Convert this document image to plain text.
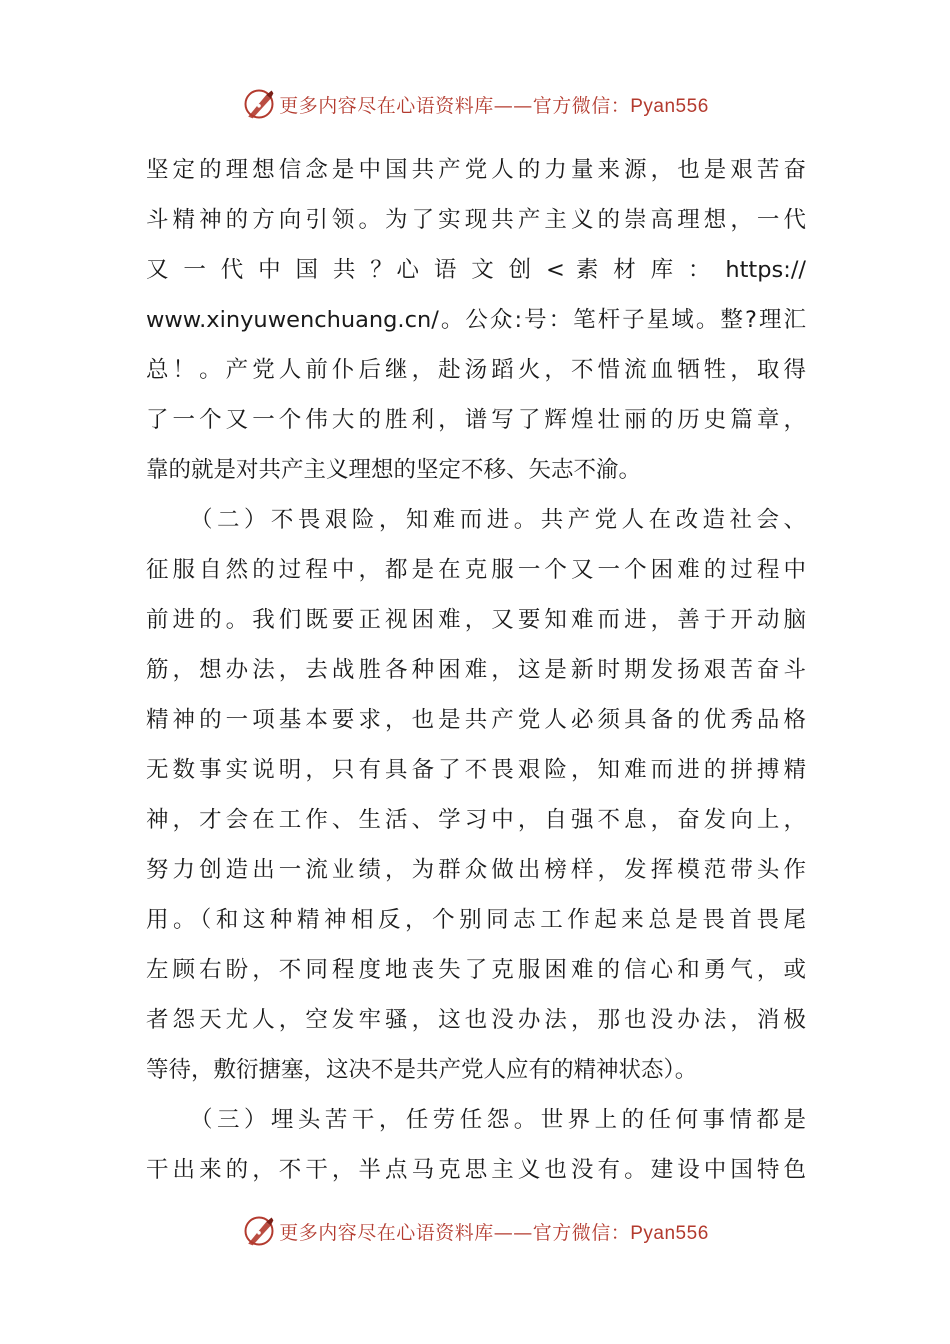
更多内容尽在心语资料库——官方微信：Pyan556
坚定的理想信念是中国共产党人的力量来源，也是艰苦奋
斗精神的方向引领。为了实现共产主义的崇高理想，一代
又 一 代 中 国 共 ？心 语 文 创 < 素 材 库 ： https://
www.xinyuwenchuang.cn/。公众:号：笔杆子星域。整?理汇
总！。产党人前仆后继，赴汤蹈火，不惜流血牺牲，取得
了一个又一个伟大的胜利，谱写了辉煌壮丽的历史篇章，
靠的就是对共产主义理想的坚定不移、矢志不渝。
（二）不畏艰险，知难而进。共产党人在改造社会、
征服自然的过程中，都是在克服一个又一个困难的过程中
前进的。我们既要正视困难，又要知难而进，善于开动脑
筋，想办法，去战胜各种困难，这是新时期发扬艰苦奋斗
精神的一项基本要求，也是共产党人必须具备的优秀品格
无数事实说明，只有具备了不畏艰险，知难而进的拼搏精
神，才会在工作、生活、学习中，自强不息，奋发向上，
努力创造出一流业绩，为群众做出榜样，发挥模范带头作
用。（和这种精神相反，个别同志工作起来总是畏首畏尾
左顾右盼，不同程度地丧失了克服困难的信心和勇气，或
者怨天尤人，空发牢骚，这也没办法，那也没办法，消极
等待，敷衍搪塞，这决不是共产党人应有的精神状态）。
（三）埋头苦干，任劳任怨。世界上的任何事情都是
干出来的，不干，半点马克思主义也没有。建设中国特色
更多内容尽在心语资料库——官方微信：Pyan556
